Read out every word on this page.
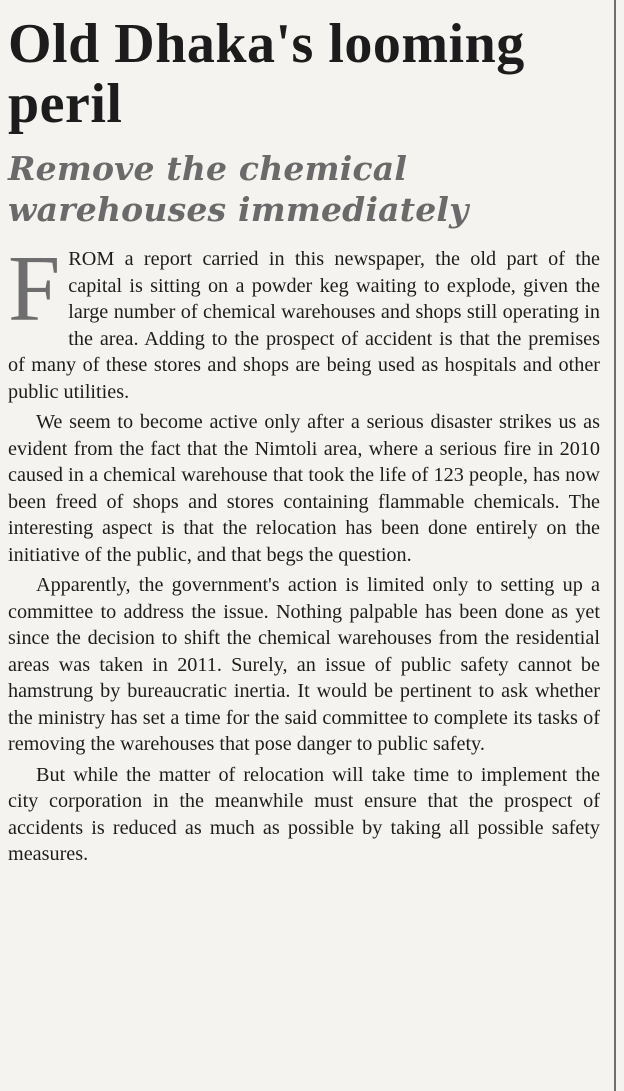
Old Dhaka's looming peril
Remove the chemical warehouses immediately

FROM a report carried in this newspaper, the old part of the capital is sitting on a powder keg waiting to explode, given the large number of chemical warehouses and shops still operating in the area. Adding to the prospect of accident is that the premises of many of these stores and shops are being used as hospitals and other public utilities.

We seem to become active only after a serious disaster strikes us as evident from the fact that the Nimtoli area, where a serious fire in 2010 caused in a chemical warehouse that took the life of 123 people, has now been freed of shops and stores containing flammable chemicals. The interesting aspect is that the relocation has been done entirely on the initiative of the public, and that begs the question.

Apparently, the government's action is limited only to setting up a committee to address the issue. Nothing palpable has been done as yet since the decision to shift the chemical warehouses from the residential areas was taken in 2011. Surely, an issue of public safety cannot be hamstrung by bureaucratic inertia. It would be pertinent to ask whether the ministry has set a time for the said committee to complete its tasks of removing the warehouses that pose danger to public safety.

But while the matter of relocation will take time to implement the city corporation in the meanwhile must ensure that the prospect of accidents is reduced as much as possible by taking all possible safety measures.
